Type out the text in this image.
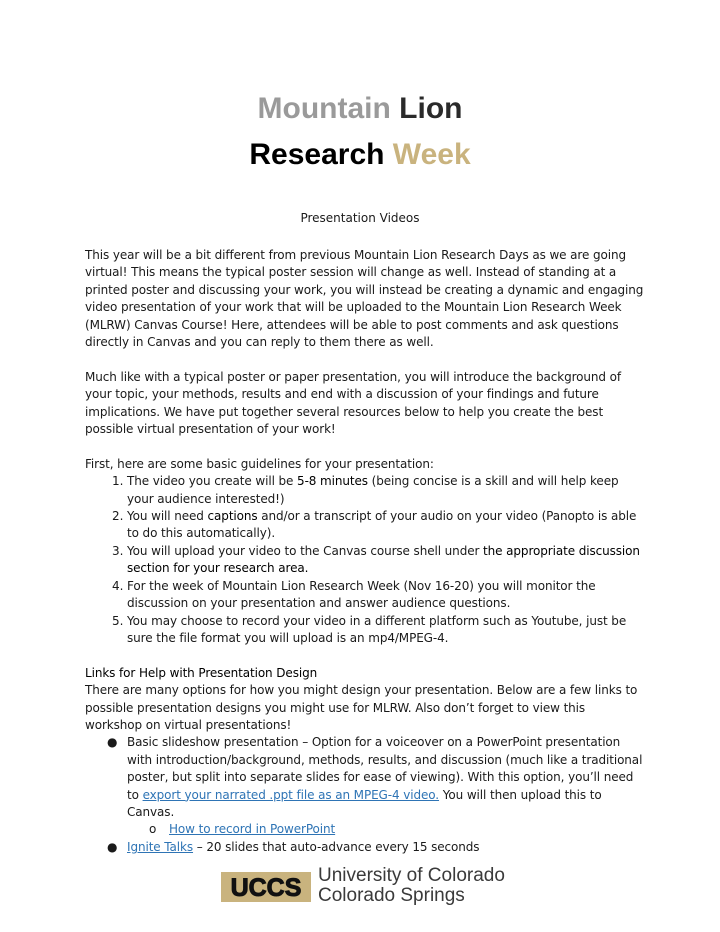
Mountain Lion
Research Week
Presentation Videos

This year will be a bit different from previous Mountain Lion Research Days as we are going virtual! This means the typical poster session will change as well. Instead of standing at a printed poster and discussing your work, you will instead be creating a dynamic and engaging video presentation of your work that will be uploaded to the Mountain Lion Research Week (MLRW) Canvas Course! Here, attendees will be able to post comments and ask questions directly in Canvas and you can reply to them there as well.

Much like with a typical poster or paper presentation, you will introduce the background of your topic, your methods, results and end with a discussion of your findings and future implications. We have put together several resources below to help you create the best possible virtual presentation of your work!

First, here are some basic guidelines for your presentation:

1. The video you create will be 5-8 minutes (being concise is a skill and will help keep your audience interested!)
2. You will need captions and/or a transcript of your audio on your video (Panopto is able to do this automatically).
3. You will upload your video to the Canvas course shell under the appropriate discussion section for your research area.
4. For the week of Mountain Lion Research Week (Nov 16-20) you will monitor the discussion on your presentation and answer audience questions.
5. You may choose to record your video in a different platform such as Youtube, just be sure the file format you will upload is an mp4/MPEG-4.

Links for Help with Presentation Design

There are many options for how you might design your presentation. Below are a few links to possible presentation designs you might use for MLRW. Also don’t forget to view this workshop on virtual presentations!

● Basic slideshow presentation – Option for a voiceover on a PowerPoint presentation with introduction/background, methods, results, and discussion (much like a traditional poster, but split into separate slides for ease of viewing). With this option, you’ll need to export your narrated .ppt file as an MPEG-4 video. You will then upload this to Canvas.
o How to record in PowerPoint
● Ignite Talks – 20 slides that auto-advance every 15 seconds
UCCS University of Colorado
Colorado Springs
